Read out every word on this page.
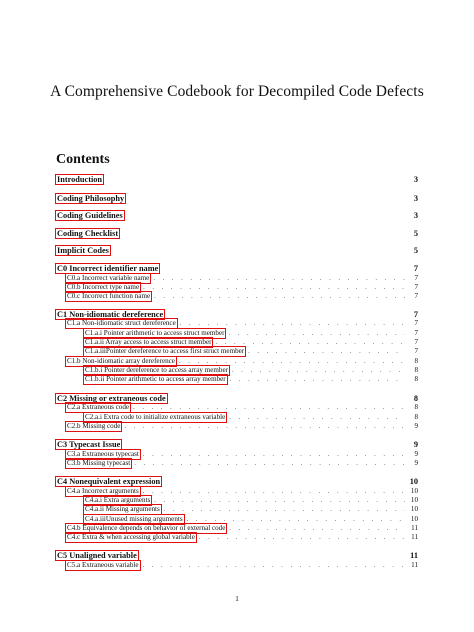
A Comprehensive Codebook for Decompiled Code Defects
Contents
Introduction	3
Coding Philosophy	3
Coding Guidelines	3
Coding Checklist	5
Implicit Codes	5
C0 Incorrect identifier name	7
C0.a Incorrect variable name . . .	7
C0.b Incorrect type name . . .	7
C0.c Incorrect function name . . .	7
C1 Non-idiomatic dereference	7
C1.a Non-idiomatic struct dereference . . .	7
C1.a.i Pointer arithmetic to access struct member . . .	7
C1.a.ii Array access to access struct member . . .	7
C1.a.iiiPointer dereference to access first struct member . . .	7
C1.b Non-idiomatic array dereference . . .	8
C1.b.i Pointer dereference to access array member . . .	8
C1.b.ii Pointer arithmetic to access array member . . .	8
C2 Missing or extraneous code	8
C2.a Extraneous code . . .	8
C2.a.i Extra code to initialize extraneous variable . . .	8
C2.b Missing code . . .	9
C3 Typecast Issue	9
C3.a Extraneous typecast . . .	9
C3.b Missing typecast . . .	9
C4 Nonequivalent expression	10
C4.a Incorrect arguments . . .	10
C4.a.i Extra arguments . . .	10
C4.a.ii Missing arguments . . .	10
C4.a.iiiUnused missing arguments . . .	10
C4.b Equivalence depends on behavior of external code . . .	11
C4.c Extra & when accessing global variable . . .	11
C5 Unaligned variable	11
C5.a Extraneous variable . . .	11
1
